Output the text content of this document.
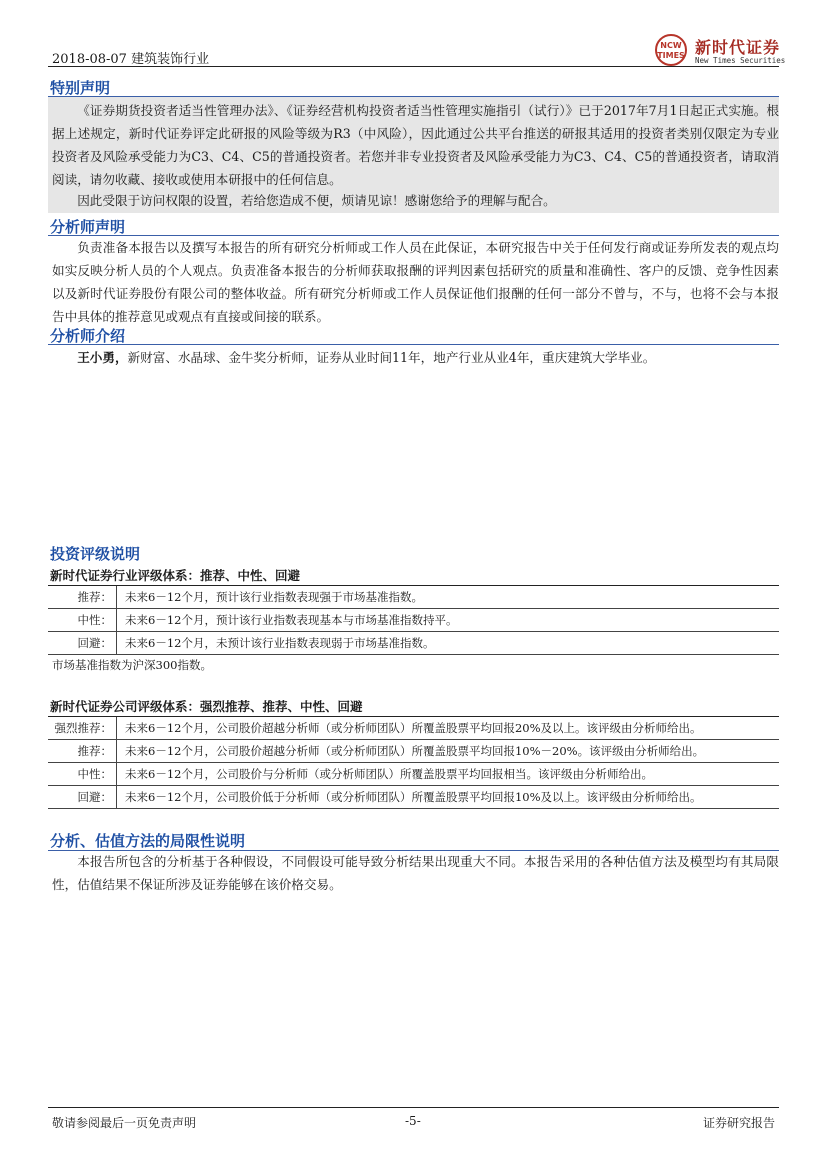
2018-08-07 建筑装饰行业
NCW TIMES 新时代证券
New Times Securities
特别声明

《证券期货投资者适当性管理办法》、《证券经营机构投资者适当性管理实施指引（试行）》已于2017年7月1日起正式实施。根据上述规定，新时代证券评定此研报的风险等级为R3（中风险），因此通过公共平台推送的研报其适用的投资者类别仅限定为专业投资者及风险承受能力为C3、C4、C5的普通投资者。若您并非专业投资者及风险承受能力为C3、C4、C5的普通投资者，请取消阅读，请勿收藏、接收或使用本研报中的任何信息。

因此受限于访问权限的设置，若给您造成不便，烦请见谅！感谢您给予的理解与配合。

分析师声明

负责准备本报告以及撰写本报告的所有研究分析师或工作人员在此保证，本研究报告中关于任何发行商或证券所发表的观点均如实反映分析人员的个人观点。负责准备本报告的分析师获取报酬的评判因素包括研究的质量和准确性、客户的反馈、竞争性因素以及新时代证券股份有限公司的整体收益。所有研究分析师或工作人员保证他们报酬的任何一部分不曾与，不与，也将不会与本报告中具体的推荐意见或观点有直接或间接的联系。

分析师介绍

王小勇，新财富、水晶球、金牛奖分析师，证券从业时间11年，地产行业从业4年，重庆建筑大学毕业。

投资评级说明
新时代证券行业评级体系：推荐、中性、回避
推荐：	未来6－12个月，预计该行业指数表现强于市场基准指数。
中性：	未来6－12个月，预计该行业指数表现基本与市场基准指数持平。
回避：	未来6－12个月，未预计该行业指数表现弱于市场基准指数。
市场基准指数为沪深300指数。
新时代证券公司评级体系：强烈推荐、推荐、中性、回避
强烈推荐：	未来6－12个月，公司股价超越分析师（或分析师团队）所覆盖股票平均回报20%及以上。该评级由分析师给出。
推荐：	未来6－12个月，公司股价超越分析师（或分析师团队）所覆盖股票平均回报10%－20%。该评级由分析师给出。
中性：	未来6－12个月，公司股价与分析师（或分析师团队）所覆盖股票平均回报相当。该评级由分析师给出。
回避：	未来6－12个月，公司股价低于分析师（或分析师团队）所覆盖股票平均回报10%及以上。该评级由分析师给出。
分析、估值方法的局限性说明

本报告所包含的分析基于各种假设，不同假设可能导致分析结果出现重大不同。本报告采用的各种估值方法及模型均有其局限性，估值结果不保证所涉及证券能够在该价格交易。

敬请参阅最后一页免责声明	-5-	证券研究报告
